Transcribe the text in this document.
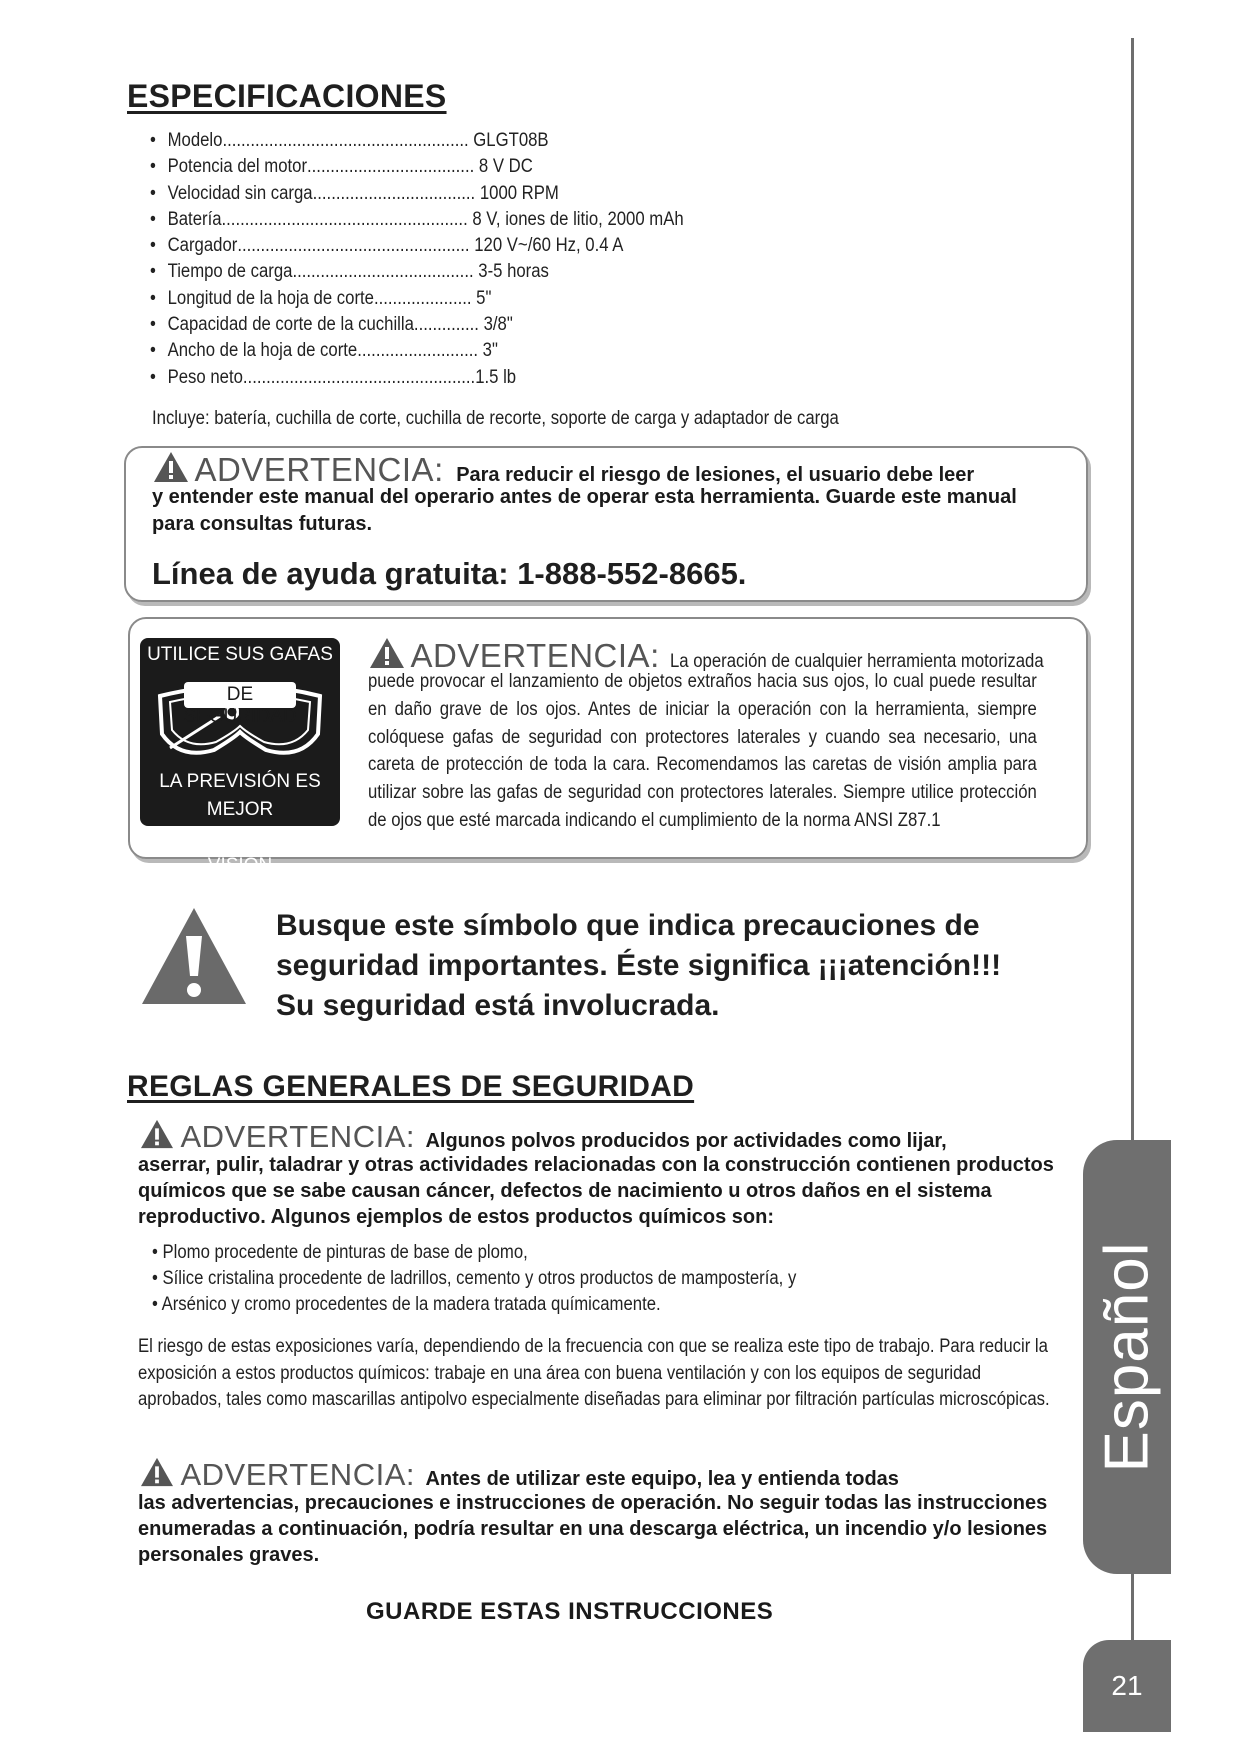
Español
21
ESPECIFICACIONES
• Modelo..................................................... GLGT08B
• Potencia del motor.................................... 8 V DC
• Velocidad sin carga................................... 1000 RPM
• Batería..................................................... 8 V, iones de litio, 2000 mAh
• Cargador.................................................. 120 V~/60 Hz, 0.4 A
• Tiempo de carga....................................... 3-5 horas
• Longitud de la hoja de corte..................... 5"
• Capacidad de corte de la cuchilla.............. 3/8"
• Ancho de la hoja de corte.......................... 3"
• Peso neto..................................................1.5 lb
Incluye: batería, cuchilla de corte, cuchilla de recorte, soporte de carga y adaptador de carga
ADVERTENCIA: Para reducir el riesgo de lesiones, el usuario debe leer
y entender este manual del operario antes de operar esta herramienta. Guarde este manual para consultas futuras.
Línea de ayuda gratuita: 1-888-552-8665.
UTILICE SUS GAFAS
DE SEGURIDAD
LA PREVISIÓN ES MEJOR
QUE NO TENER VISIÒN
ADVERTENCIA: La operación de cualquier herramienta motorizada
puede provocar el lanzamiento de objetos extraños hacia sus ojos, lo cual puede resultar en daño grave de los ojos. Antes de iniciar la operación con la herramienta, siempre colóquese gafas de seguridad con protectores laterales y cuando sea necesario, una careta de protección de toda la cara. Recomendamos las caretas de visión amplia para utilizar sobre las gafas de seguridad con protectores laterales. Siempre utilice protección de ojos que esté marcada indicando el cumplimiento de la norma ANSI Z87.1
Busque este símbolo que indica precauciones de
seguridad importantes. Éste significa ¡¡¡atención!!!
Su seguridad está involucrada.
REGLAS GENERALES DE SEGURIDAD
ADVERTENCIA: Algunos polvos producidos por actividades como lijar,
aserrar, pulir, taladrar y otras actividades relacionadas con la construcción contienen productos químicos que se sabe causan cáncer, defectos de nacimiento u otros daños en el sistema reproductivo. Algunos ejemplos de estos productos químicos son:
• Plomo procedente de pinturas de base de plomo,
• Sílice cristalina procedente de ladrillos, cemento y otros productos de mampostería, y
• Arsénico y cromo procedentes de la madera tratada químicamente.
El riesgo de estas exposiciones varía, dependiendo de la frecuencia con que se realiza este tipo de trabajo. Para reducir la exposición a estos productos químicos: trabaje en una área con buena ventilación y con los equipos de seguridad aprobados, tales como mascarillas antipolvo especialmente diseñadas para eliminar por filtración partículas microscópicas.
ADVERTENCIA: Antes de utilizar este equipo, lea y entienda todas
las advertencias, precauciones e instrucciones de operación. No seguir todas las instrucciones enumeradas a continuación, podría resultar en una descarga eléctrica, un incendio y/o lesiones personales graves.
GUARDE ESTAS INSTRUCCIONES
